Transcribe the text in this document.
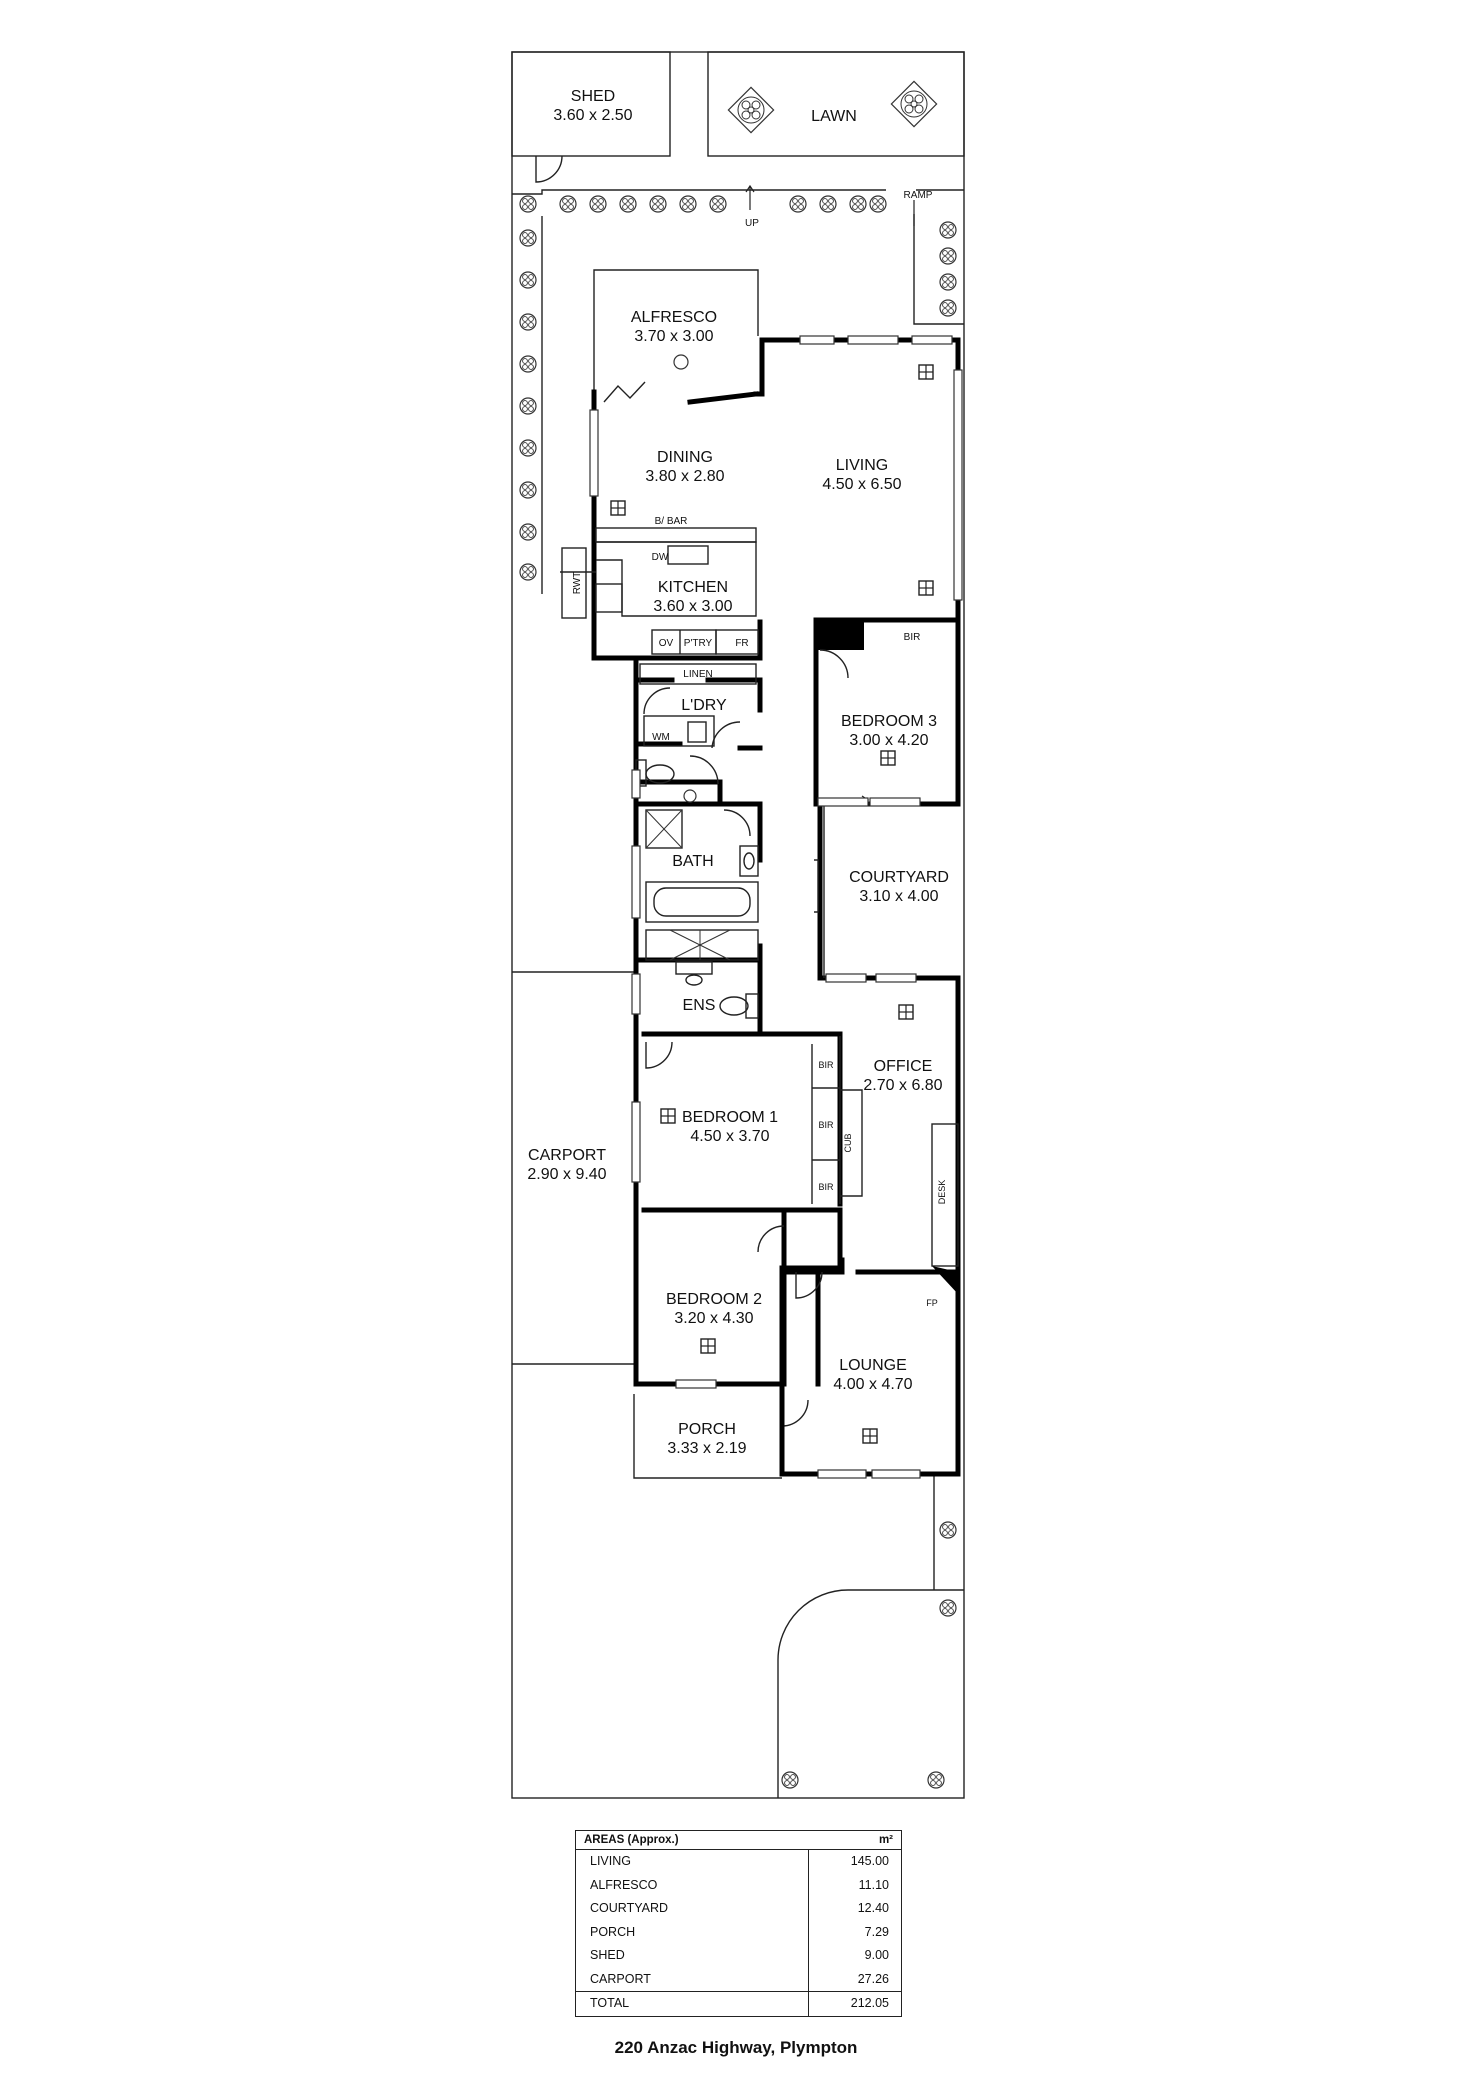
SHED
3.60 x 2.50	LAWN
ALFRESCO
3.70 x 3.00
DINING
3.80 x 2.80
LIVING
4.50 x 6.50
KITCHEN
3.60 x 3.00
L'DRY
BEDROOM 3
3.00 x 4.20
COURTYARD
3.10 x 4.00
BATH
ENS
OFFICE
2.70 x 6.80
BEDROOM 1
4.50 x 3.70
CARPORT
2.90 x 9.40
BEDROOM 2
3.20 x 4.30
LOUNGE
4.00 x 4.70
PORCH
3.33 x 2.19
UP
RAMP
B/ BAR
DW
RWT
OV P'TRY FR
LINEN
WM
BIR
BIR
BIR
BIR
CUB
DESK
FP
AREAS (Approx.)	m²
LIVING	145.00
ALFRESCO	11.10
COURTYARD	12.40
PORCH	7.29
SHED	9.00
CARPORT	27.26
TOTAL	212.05
220 Anzac Highway, Plympton
